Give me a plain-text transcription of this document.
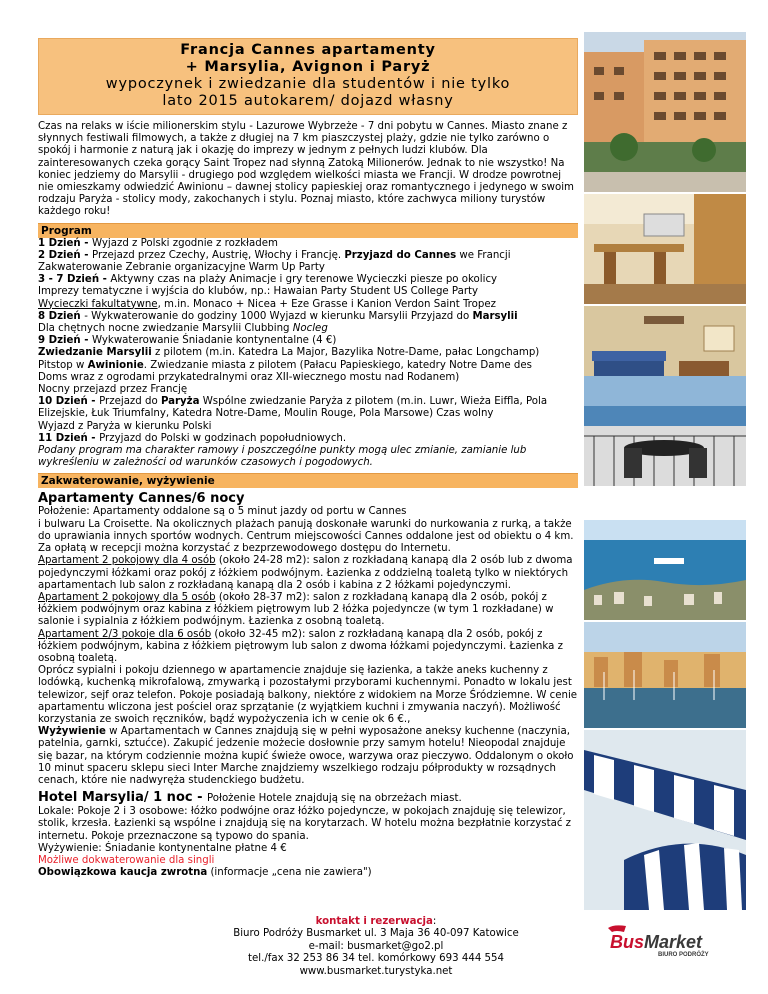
Francja Cannes apartamenty
+ Marsylia, Avignon i Paryż
wypoczynek i zwiedzanie dla studentów i nie tylko
lato 2015 autokarem/ dojazd własny

Czas na relaks w iście milionerskim stylu - Lazurowe Wybrzeże - 7 dni pobytu w Cannes. Miasto znane z słynnych festiwali filmowych, a także z długiej na 7 km piaszczystej plaży, gdzie nie tylko zarówno o spokój i harmonie z naturą jak i okazję do imprezy w jednym z pełnych ludzi klubów. Dla zainteresowanych czeka gorący Saint Tropez nad słynną Zatoką Milionerów. Jednak to nie wszystko! Na koniec jedziemy do Marsylii - drugiego pod względem wielkości miasta we Francji. W drodze powrotnej nie omieszkamy odwiedzić Awinionu – dawnej stolicy papieskiej oraz romantycznego i jedynego w swoim rodzaju Paryża - stolicy mody, zakochanych i stylu. Poznaj miasto, które zachwyca miliony turystów każdego roku!

Program
1 Dzień - Wyjazd z Polski zgodnie z rozkładem
2 Dzień - Przejazd przez Czechy, Austrię, Włochy i Francję. Przyjazd do Cannes we Francji
Zakwaterowanie Zebranie organizacyjne Warm Up Party
3 - 7 Dzień - Aktywny czas na plaży Animacje i gry terenowe Wycieczki piesze po okolicy
Imprezy tematyczne i wyjścia do klubów, np.: Hawaian Party Student US College Party
Wycieczki fakultatywne, m.in. Monaco + Nicea + Eze Grasse i Kanion Verdon Saint Tropez
8 Dzień - Wykwaterowanie do godziny 1000 Wyjazd w kierunku Marsylii Przyjazd do Marsylii
Dla chętnych nocne zwiedzanie Marsylii Clubbing Nocleg
9 Dzień - Wykwaterowanie Śniadanie kontynentalne (4 €)
Zwiedzanie Marsylii z pilotem (m.in. Katedra La Major, Bazylika Notre-Dame, pałac Longchamp)
Pitstop w Awinionie. Zwiedzanie miasta z pilotem (Pałacu Papieskiego, katedry Notre Dame des
Doms wraz z ogrodami przykatedralnymi oraz XII-wiecznego mostu nad Rodanem)
Nocny przejazd przez Francję
10 Dzień - Przejazd do Paryża Wspólne zwiedzanie Paryża z pilotem (m.in. Luwr, Wieża Eiffla, Pola
Elizejskie, Łuk Triumfalny, Katedra Notre-Dame, Moulin Rouge, Pola Marsowe) Czas wolny
Wyjazd z Paryża w kierunku Polski
11 Dzień - Przyjazd do Polski w godzinach popołudniowych.
Podany program ma charakter ramowy i poszczególne punkty mogą ulec zmianie, zamianie lub wykreśleniu w zależności od warunków czasowych i pogodowych.
Zakwaterowanie, wyżywienie
Apartamenty Cannes/6 nocy
Położenie: Apartamenty oddalone są o 5 minut jazdy od portu w Cannes
i bulwaru La Croisette. Na okolicznych plażach panują doskonałe warunki do nurkowania z rurką, a także do uprawiania innych sportów wodnych. Centrum miejscowości Cannes oddalone jest od obiektu o 4 km. Za opłatą w recepcji można korzystać z bezprzewodowego dostępu do Internetu.
Apartament 2 pokojowy dla 4 osób (około 24-28 m2): salon z rozkładaną kanapą dla 2 osób lub z dwoma pojedynczymi łóżkami oraz pokój z łóżkiem podwójnym. Łazienka z oddzielną toaletą tylko w niektórych apartamentach lub salon z rozkładaną kanapą dla 2 osób i kabina z 2 łóżkami pojedynczymi.
Apartament 2 pokojowy dla 5 osób (około 28-37 m2): salon z rozkładaną kanapą dla 2 osób, pokój z łóżkiem podwójnym oraz kabina z łóżkiem piętrowym lub 2 łóżka pojedyncze (w tym 1 rozkładane) w salonie i sypialnia z łóżkiem podwójnym. Łazienka z osobną toaletą.
Apartament 2/3 pokoje dla 6 osób (około 32-45 m2): salon z rozkładaną kanapą dla 2 osób, pokój z łóżkiem podwójnym, kabina z łóżkiem piętrowym lub salon z dwoma łóżkami pojedynczymi. Łazienka z osobną toaletą.
Oprócz sypialni i pokoju dziennego w apartamencie znajduje się łazienka, a także aneks kuchenny z lodówką, kuchenką mikrofalową, zmywarką i pozostałymi przyborami kuchennymi. Ponadto w lokalu jest telewizor, sejf oraz telefon. Pokoje posiadają balkony, niektóre z widokiem na Morze Śródziemne. W cenie apartamentu wliczona jest pościel oraz sprzątanie (z wyjątkiem kuchni i zmywania naczyń). Możliwość korzystania ze swoich ręczników, bądź wypożyczenia ich w cenie ok 6 €.,
Wyżywienie w Apartamentach w Cannes znajdują się w pełni wyposażone aneksy kuchenne (naczynia, patelnia, garnki, sztućce). Zakupić jedzenie możecie dosłownie przy samym hotelu! Nieopodal znajduje się bazar, na którym codziennie można kupić świeże owoce, warzywa oraz pieczywo. Oddalonym o około 10 minut spaceru sklepu sieci Inter Marche znajdziemy wszelkiego rodzaju półprodukty w rozsądnych cenach, które nie nadwyręża studenckiego budżetu.
Hotel Marsylia/ 1 noc - Położenie Hotele znajdują się na obrzeżach miast.
Lokale: Pokoje 2 i 3 osobowe: łóżko podwójne oraz łóżko pojedyncze, w pokojach znajduję się telewizor, stolik, krzesła. Łazienki są wspólne i znajdują się na korytarzach. W hotelu można bezpłatnie korzystać z internetu. Pokoje przeznaczone są typowo do spania.
Wyżywienie: Śniadanie kontynentalne płatne 4 €
Możliwe dokwaterowanie dla singli
Obowiązkowa kaucja zwrotna (informacje „cena nie zawiera")
kontakt i rezerwacja:
Biuro Podróży Busmarket ul. 3 Maja 36 40-097 Katowice
e-mail: busmarket@go2.pl
tel./fax 32 253 86 34 tel. komórkowy 693 444 554
www.busmarket.turystyka.net
Bus Market
BIURO PODRÓŻY
